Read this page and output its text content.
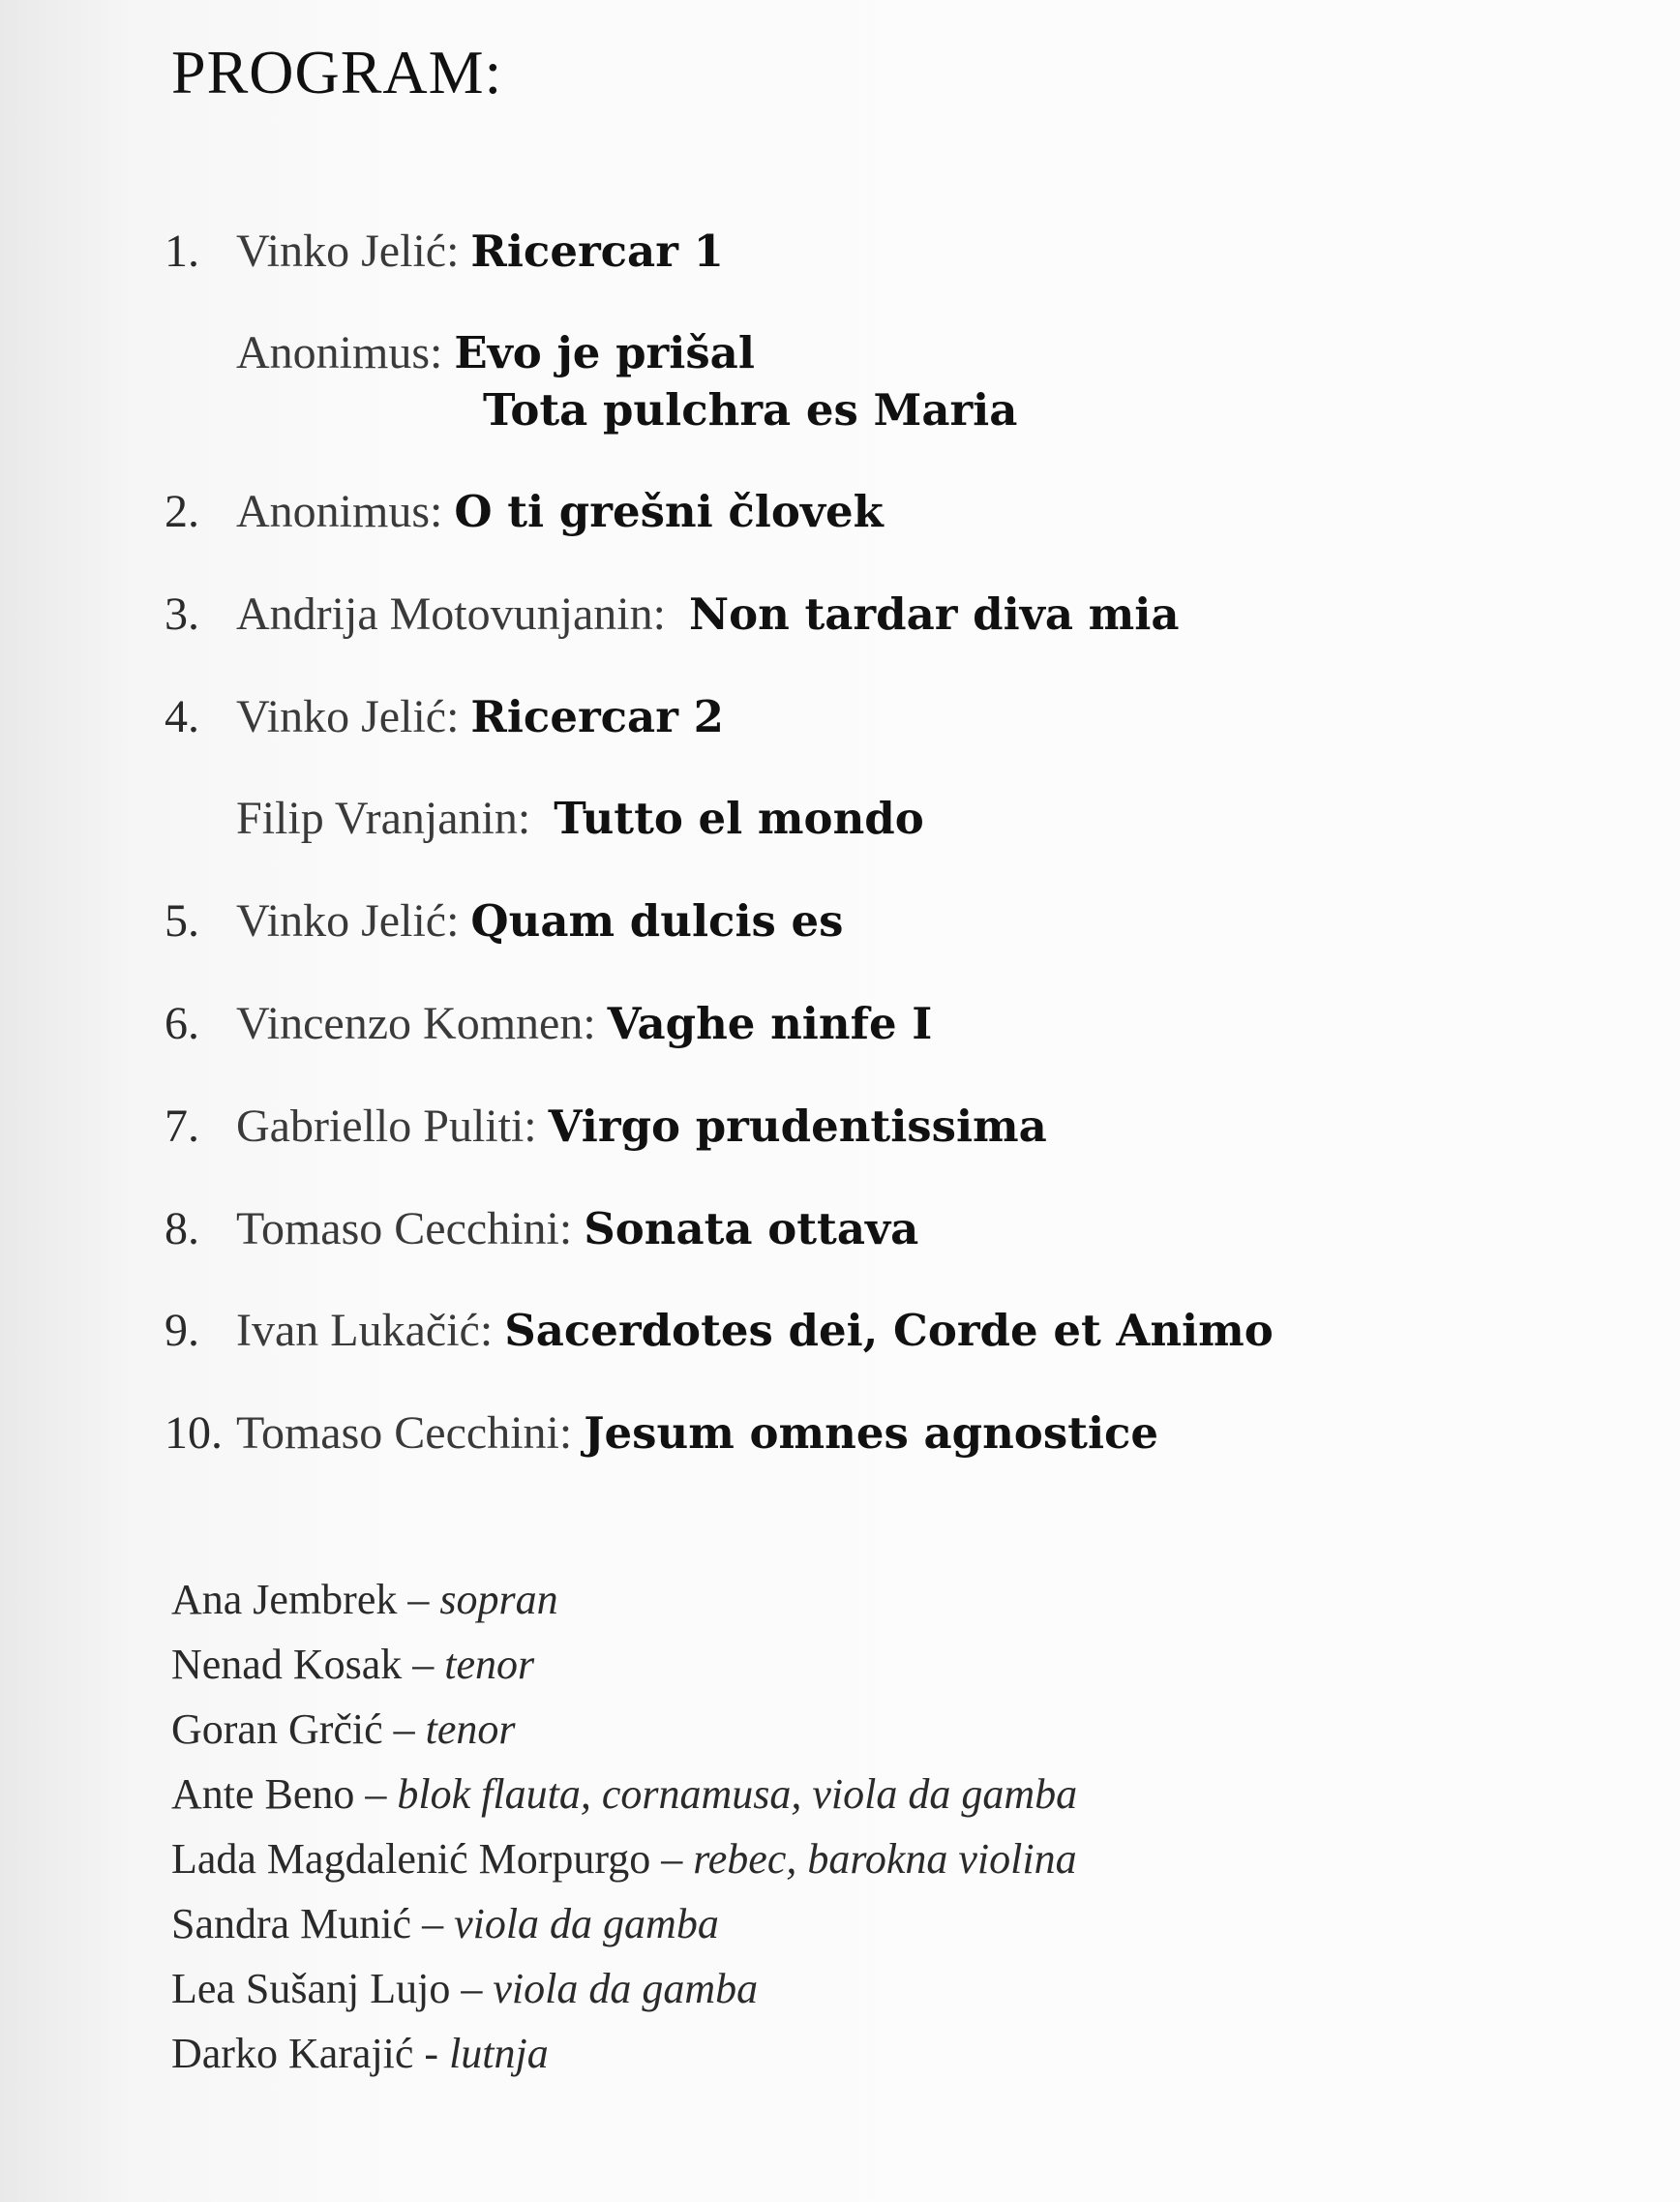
PROGRAM:
1. Vinko Jelić: Ricercar 1
Anonimus: Evo je prišal
Tota pulchra es Maria
2. Anonimus: O ti grešni človek
3. Andrija Motovunjanin: Non tardar diva mia
4. Vinko Jelić: Ricercar 2
Filip Vranjanin: Tutto el mondo
5. Vinko Jelić: Quam dulcis es
6. Vincenzo Komnen: Vaghe ninfe I
7. Gabriello Puliti: Virgo prudentissima
8. Tomaso Cecchini: Sonata ottava
9. Ivan Lukačić: Sacerdotes dei, Corde et Animo
10. Tomaso Cecchini: Jesum omnes agnostice
Ana Jembrek – sopran
Nenad Kosak – tenor
Goran Grčić – tenor
Ante Beno – blok flauta, cornamusa, viola da gamba
Lada Magdalenić Morpurgo – rebec, barokna violina
Sandra Munić – viola da gamba
Lea Sušanj Lujo – viola da gamba
Darko Karajić - lutnja
